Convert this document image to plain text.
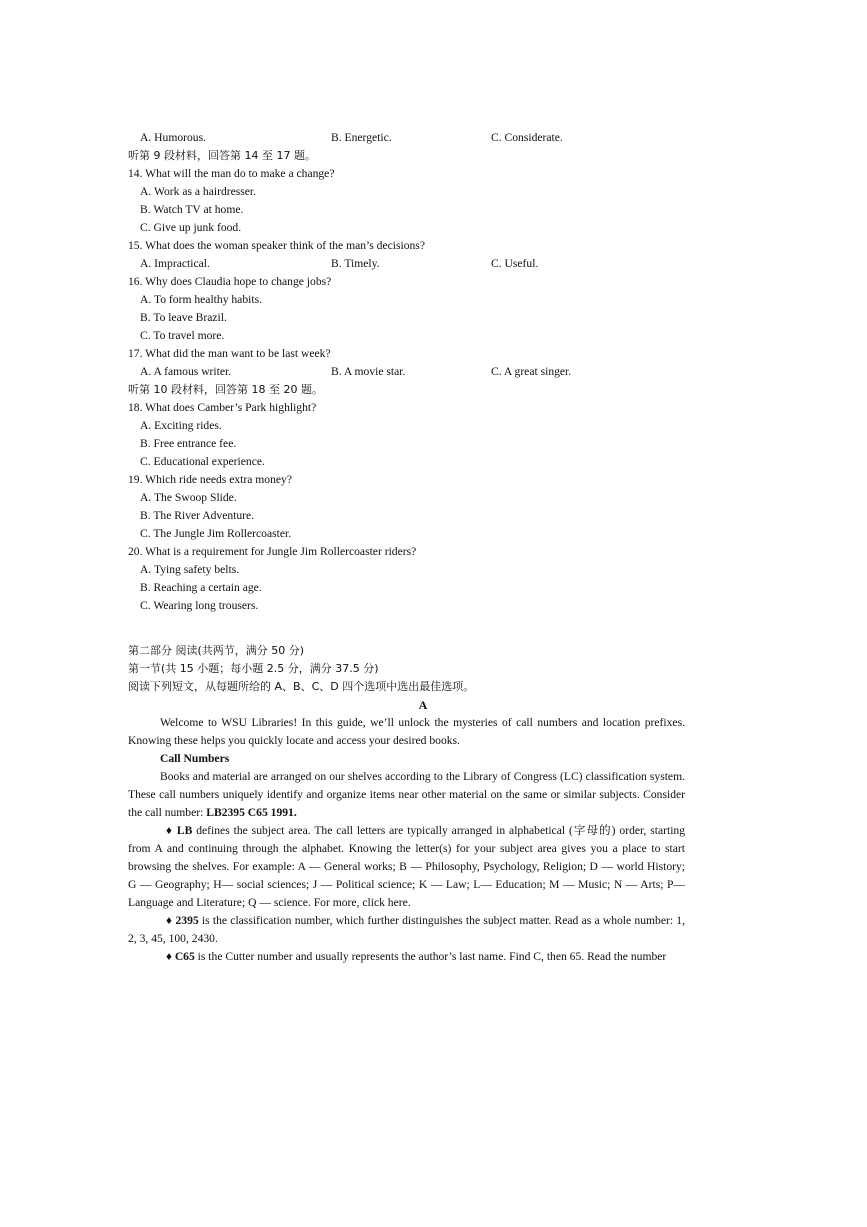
A. Humorous.	B. Energetic.	C. Considerate.
听第 9 段材料，回答第 14 至 17 题。
14. What will the man do to make a change?
A. Work as a hairdresser.
B. Watch TV at home.
C. Give up junk food.
15. What does the woman speaker think of the man’s decisions?
A. Impractical.	B. Timely.	C. Useful.
16. Why does Claudia hope to change jobs?
A. To form healthy habits.
B. To leave Brazil.
C. To travel more.
17. What did the man want to be last week?
A. A famous writer.	B. A movie star.	C. A great singer.
听第 10 段材料，回答第 18 至 20 题。
18. What does Camber’s Park highlight?
A. Exciting rides.
B. Free entrance fee.
C. Educational experience.
19. Which ride needs extra money?
A. The Swoop Slide.
B. The River Adventure.
C. The Jungle Jim Rollercoaster.
20. What is a requirement for Jungle Jim Rollercoaster riders?
A. Tying safety belts.
B. Reaching a certain age.
C. Wearing long trousers.
第二部分 阅读(共两节，满分 50 分)
第一节(共 15 小题；每小题 2.5 分，满分 37.5 分)
阅读下列短文，从每题所给的 A、B、C、D 四个选项中选出最佳选项。
A
Welcome to WSU Libraries! In this guide, we’ll unlock the mysteries of call numbers and location prefixes. Knowing these helps you quickly locate and access your desired books.
Call Numbers
Books and material are arranged on our shelves according to the Library of Congress (LC) classification system. These call numbers uniquely identify and organize items near other material on the same or similar subjects. Consider the call number: LB2395 C65 1991.
♦ LB defines the subject area. The call letters are typically arranged in alphabetical (字母的) order, starting from A and continuing through the alphabet. Knowing the letter(s) for your subject area gives you a place to start browsing the shelves. For example: A — General works; B — Philosophy, Psychology, Religion; D — world History; G — Geography; H— social sciences; J — Political science; K — Law; L— Education; M — Music; N — Arts; P— Language and Literature; Q — science. For more, click here.
♦ 2395 is the classification number, which further distinguishes the subject matter. Read as a whole number: 1, 2, 3, 45, 100, 2430.
♦ C65 is the Cutter number and usually represents the author’s last name. Find C, then 65. Read the number
